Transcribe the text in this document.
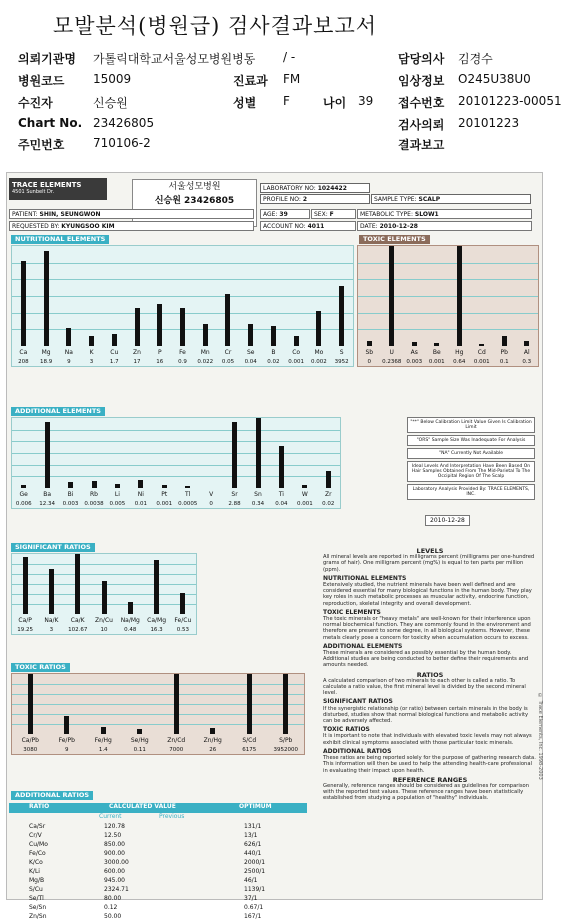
모발분석(병원급) 검사결과보고서
의뢰기관명 가톨릭대학교서울성모병원병동 / -	담당의사 김경수
병원코드 15009	진료과 FM	임상정보 O245U38U0
수진자	신승원	성별 F	나이 39 접수번호 20101223-00051
Chart No. 23426805	검사의뢰 20101223
주민번호 710106-2	결과보고
TRACE ELEMENTS
4501 Sunbelt Dr.	서울성모병원
신승원 23426805
LABORATORY NO: 1024422
PROFILE NO: 2	SAMPLE TYPE: SCALP
PATIENT: SHIN, SEUNGWON	AGE: 39	SEX: F	METABOLIC TYPE: SLOW1
REQUESTED BY: KYUNGSOO KIM	ACCOUNT NO: 4011	DATE: 2010-12-28
NUTRITIONAL ELEMENTS	TOXIC ELEMENTS
Ca
208
Mg
18.9
Na
9
K
3
Cu
1.7
Zn
17
P
16
Fe
0.9
Mn
0.022
Cr
0.05
Se
0.04
B
0.02
Co
0.001
Mo
0.002
S
3952
Sb
0
U
0.2368
As
0.003
Be
0.001
Hg
0.64
Cd
0.001
Pb
0.1
Al
0.3
ADDITIONAL ELEMENTS
Ge
0.006
Ba
12.34
Bi
0.003
Rb
0.0038
Li
0.005
Ni
0.01
Pt
0.001
Tl
0.0005
V
0
Sr
2.88
Sn
0.34
Ti
0.04
W
0.001
Zr
0.02
"**" Below Calibration Limit Value Given Is Calibration Limit
"ORS" Sample Size Was Inadequate For Analysis
"NA" Currently Not Available
Ideal Levels And Interpretation Have Been Based On Hair Samples Obtained From The Mid-Parietal To The Occipital Region Of The Scalp
Laboratory Analysis Provided By: TRACE ELEMENTS, INC.
2010-12-28
SIGNIFICANT RATIOS
Ca/P
19.25
Na/K
3
Ca/K
102.67
Zn/Cu
10
Na/Mg
0.48
Ca/Mg
16.3
Fe/Cu
0.53
TOXIC RATIOS
Ca/Pb
3080
Fe/Pb
9
Fe/Hg
1.4
Se/Hg
0.11
Zn/Cd
7000
Zn/Hg
26
S/Cd
6175
S/Pb
3952000
LEVELS

All mineral levels are reported in milligrams percent (milligrams per one-hundred grams of hair). One milligram percent (mg%) is equal to ten parts per million (ppm).

NUTRITIONAL ELEMENTS

Extensively studied, the nutrient minerals have been well defined and are considered essential for many biological functions in the human body. They play key roles in such metabolic processes as muscular activity, endocrine function, reproduction, skeletal integrity and overall development.

TOXIC ELEMENTS

The toxic minerals or "heavy metals" are well-known for their interference upon normal biochemical function. They are commonly found in the environment and therefore are present to some degree, in all biological systems. However, these metals clearly pose a concern for toxicity when accumulation occurs to excess.

ADDITIONAL ELEMENTS

These minerals are considered as possibly essential by the human body. Additional studies are being conducted to better define their requirements and amounts needed.

RATIOS

A calculated comparison of two minerals to each other is called a ratio. To calculate a ratio value, the first mineral level is divided by the second mineral level.

SIGNIFICANT RATIOS

If the synergistic relationship (or ratio) between certain minerals in the body is disturbed, studies show that normal biological functions and metabolic activity can be adversely affected.

TOXIC RATIOS

It is important to note that individuals with elevated toxic levels may not always exhibit clinical symptoms associated with those particular toxic minerals.

ADDITIONAL RATIOS

These ratios are being reported solely for the purpose of gathering research data. This information will then be used to help the attending health-care professional in evaluating their impact upon health.

REFERENCE RANGES

Generally, reference ranges should be considered as guidelines for comparison with the reported test values. These reference ranges have been statistically established from studying a population of "healthy" individuals.

© Trace Elements, Inc. 1998-2003
ADDITIONAL RATIOS
RATIO	CALCULATED VALUE	OPTIMUM
Current	Previous
Ca/Sr	120.78	131/1
Cr/V	12.50	13/1
Cu/Mo	850.00	626/1
Fe/Co	900.00	440/1
K/Co	3000.00	2000/1
K/Li	600.00	2500/1
Mg/B	945.00	46/1
S/Cu	2324.71	1139/1
Se/Tl	80.00	37/1
Se/Sn	0.12	0.67/1
Zn/Sn	50.00	167/1
